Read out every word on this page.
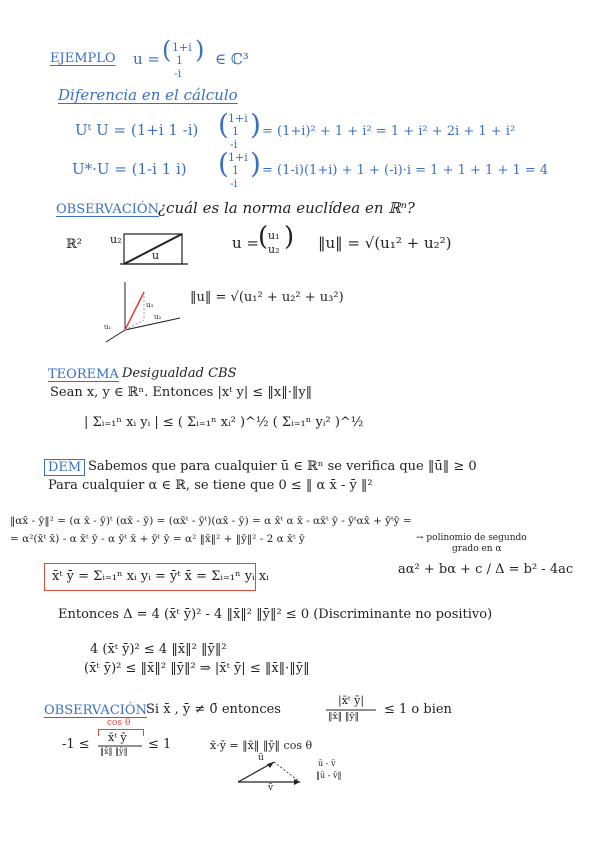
EJEMPLO u = ( 1+i
1
-i
) ∈ ℂ³
Diferencia en el cálculo
Uᵗ U = (1+i 1 -i) ( 1+i
1
-i
) = (1+i)² + 1 + i² = 1 + i² + 2i + 1 + i²
U*·U = (1-i 1 i) ( 1+i
1
-i
) = (1-i)(1+i) + 1 + (-i)·i = 1 + 1 + 1 + 1 = 4
OBSERVACIÓN ¿cuál es la norma euclídea en ℝⁿ?
ℝ²	u₂
u
u = ( u₁
u₂ ) ‖u‖ = √(u₁² + u₂²)
u₃
u₂
u₁
‖u‖ = √(u₁² + u₂² + u₃²)
TEOREMA Desigualdad CBS
Sean x, y ∈ ℝⁿ. Entonces |xᵗ y| ≤ ‖x‖·‖y‖
| Σᵢ₌₁ⁿ xᵢ yᵢ | ≤ ( Σᵢ₌₁ⁿ xᵢ² )^½ ( Σᵢ₌₁ⁿ yᵢ² )^½
DEM Sabemos que para cualquier ū ∈ ℝⁿ se verifica que ‖ū‖ ≥ 0
Para cualquier α ∈ ℝ, se tiene que 0 ≤ ‖ α x̄ - ȳ ‖²
‖αx̄ - ȳ‖² = (α x̄ - ȳ)ᵗ (αx̄ - ȳ) = (αx̄ᵗ - ȳᵗ)(αx̄ - ȳ) = α x̄ᵗ α x̄ - αx̄ᵗ ȳ - ȳᵗαx̄ + ȳᵗȳ =
= α²(x̄ᵗ x̄) - α x̄ᵗ ȳ - α ȳᵗ x̄ + ȳᵗ ȳ = α² ‖x̄‖² + ‖ȳ‖² - 2 α x̄ᵗ ȳ	→ polinomio de segundo
grado en α
aα² + bα + c / Δ = b² - 4ac
x̄ᵗ ȳ = Σᵢ₌₁ⁿ xᵢ yᵢ = ȳᵗ x̄ = Σᵢ₌₁ⁿ yᵢ xᵢ
Entonces Δ = 4 (x̄ᵗ ȳ)² - 4 ‖x̄‖² ‖ȳ‖² ≤ 0 (Discriminante no positivo)
4 (x̄ᵗ ȳ)² ≤ 4 ‖x̄‖² ‖ȳ‖²
(x̄ᵗ ȳ)² ≤ ‖x̄‖² ‖ȳ‖² ⇒ |x̄ᵗ ȳ| ≤ ‖x̄‖·‖ȳ‖
OBSERVACIÓN Si x̄ , ȳ ≠ 0̄ entonces
|x̄ᵗ ȳ|
‖x̄‖ ‖ȳ‖ ≤ 1 o bien
cos θ
-1 ≤ x̄ᵗ ȳ
‖x̄‖ ‖ȳ‖ ≤ 1	x̄·ȳ = ‖x̄‖ ‖ȳ‖ cos θ
ū
v̄
ū - v̄
‖ū - v̄‖
